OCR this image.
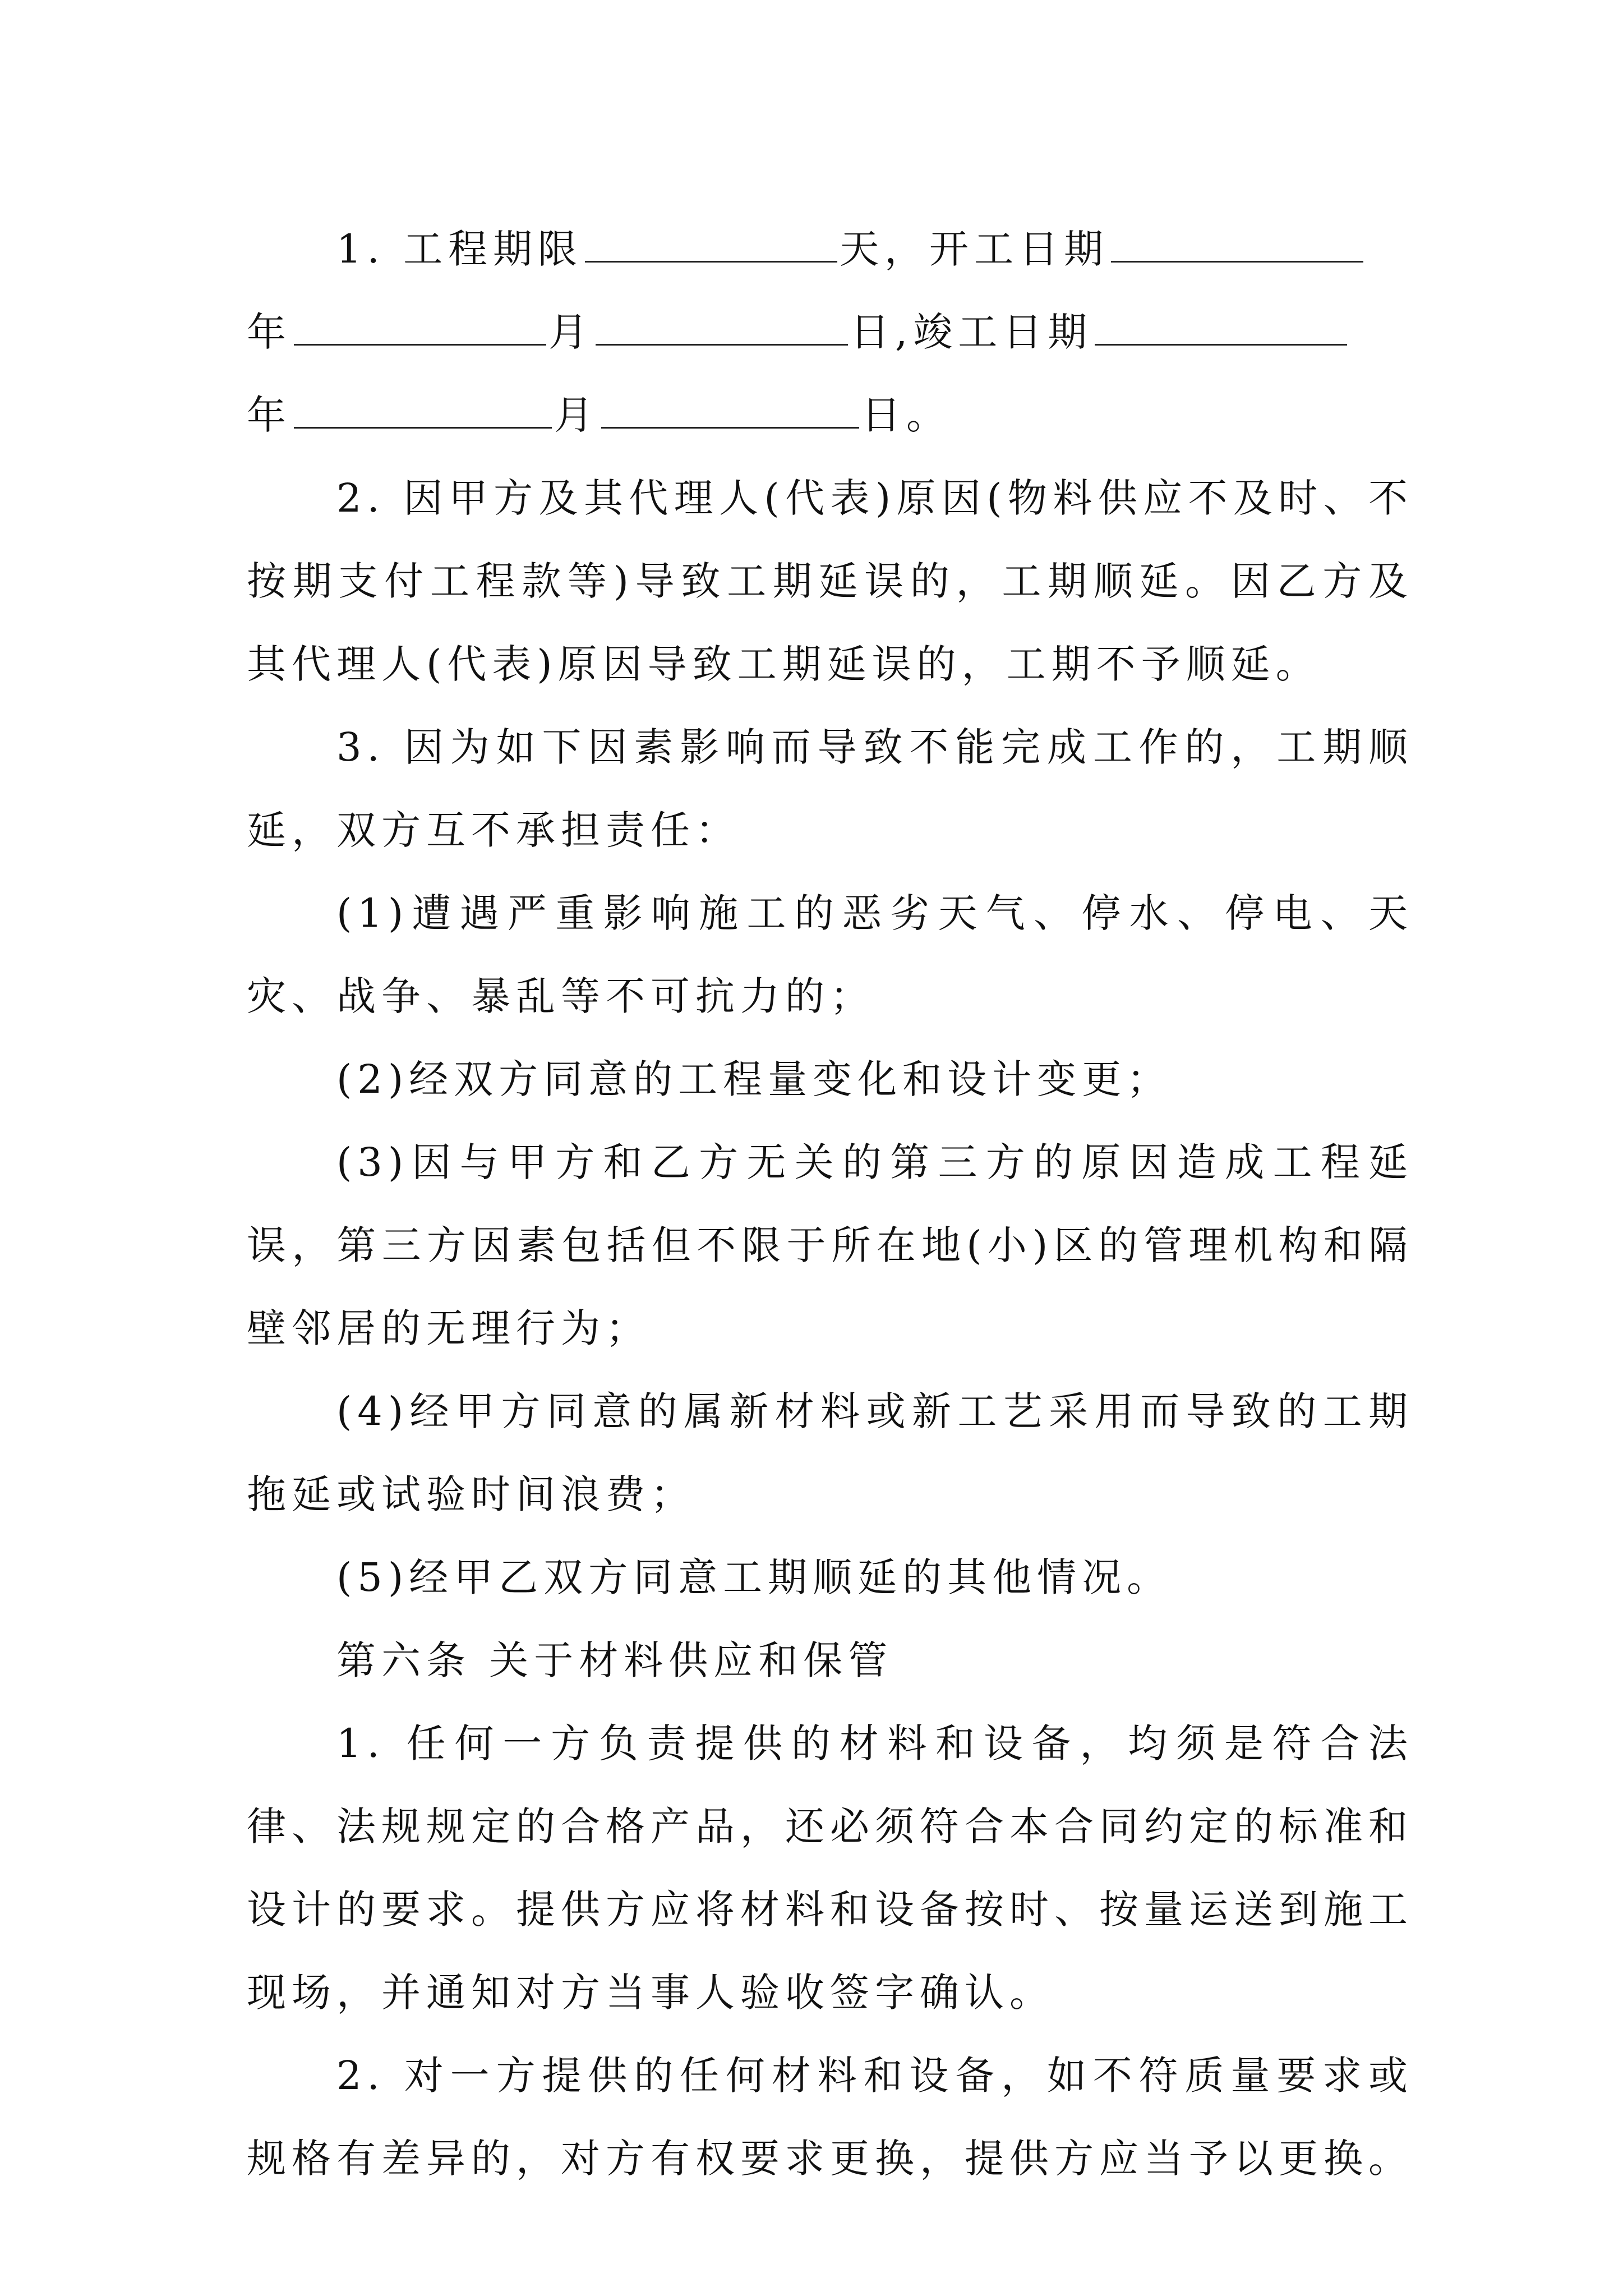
1. 工程期限	天，开工日期
年	月	日,竣工日期
年	月	日。

2. 因甲方及其代理人(代表)原因(物料供应不及时、不按期支付工程款等)导致工期延误的，工期顺延。因乙方及其代理人(代表)原因导致工期延误的，工期不予顺延。

3. 因为如下因素影响而导致不能完成工作的，工期顺延，双方互不承担责任：

(1)遭遇严重影响施工的恶劣天气、停水、停电、天灾、战争、暴乱等不可抗力的；

(2)经双方同意的工程量变化和设计变更；

(3)因与甲方和乙方无关的第三方的原因造成工程延误，第三方因素包括但不限于所在地(小)区的管理机构和隔壁邻居的无理行为；

(4)经甲方同意的属新材料或新工艺采用而导致的工期拖延或试验时间浪费；

(5)经甲乙双方同意工期顺延的其他情况。

第六条 关于材料供应和保管

1. 任何一方负责提供的材料和设备，均须是符合法律、法规规定的合格产品，还必须符合本合同约定的标准和设计的要求。提供方应将材料和设备按时、按量运送到施工现场，并通知对方当事人验收签字确认。

2. 对一方提供的任何材料和设备，如不符质量要求或规格有差异的，对方有权要求更换，提供方应当予以更换。
